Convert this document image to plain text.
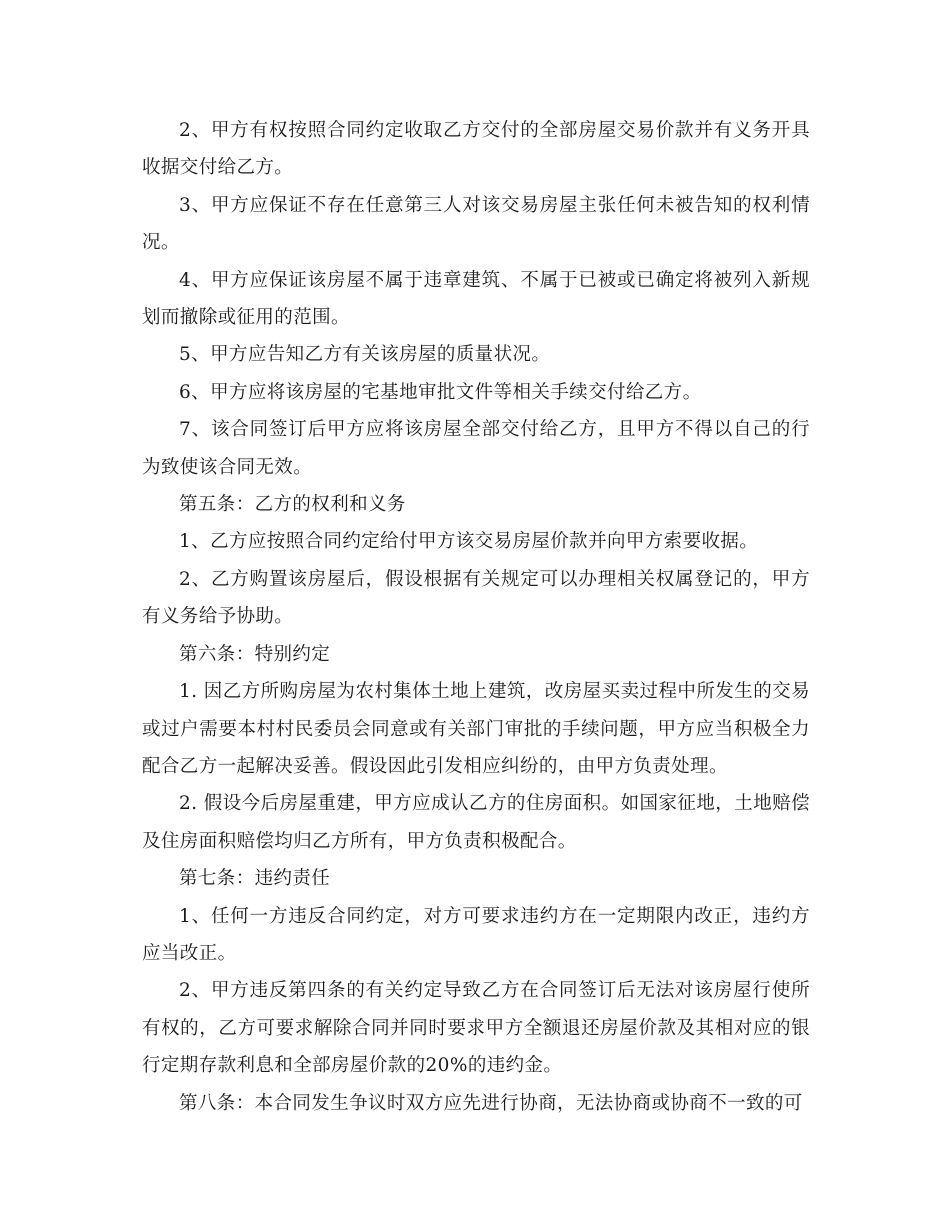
2、甲方有权按照合同约定收取乙方交付的全部房屋交易价款并有义务开具收据交付给乙方。

3、甲方应保证不存在任意第三人对该交易房屋主张任何未被告知的权利情况。

4、甲方应保证该房屋不属于违章建筑、不属于已被或已确定将被列入新规划而撤除或征用的范围。

5、甲方应告知乙方有关该房屋的质量状况。

6、甲方应将该房屋的宅基地审批文件等相关手续交付给乙方。

7、该合同签订后甲方应将该房屋全部交付给乙方，且甲方不得以自己的行为致使该合同无效。

第五条：乙方的权利和义务

1、乙方应按照合同约定给付甲方该交易房屋价款并向甲方索要收据。

2、乙方购置该房屋后，假设根据有关规定可以办理相关权属登记的，甲方有义务给予协助。

第六条：特别约定

1. 因乙方所购房屋为农村集体土地上建筑，改房屋买卖过程中所发生的交易或过户需要本村村民委员会同意或有关部门审批的手续问题，甲方应当积极全力配合乙方一起解决妥善。假设因此引发相应纠纷的，由甲方负责处理。

2. 假设今后房屋重建，甲方应成认乙方的住房面积。如国家征地，土地赔偿及住房面积赔偿均归乙方所有，甲方负责积极配合。

第七条：违约责任

1、任何一方违反合同约定，对方可要求违约方在一定期限内改正，违约方应当改正。

2、甲方违反第四条的有关约定导致乙方在合同签订后无法对该房屋行使所有权的，乙方可要求解除合同并同时要求甲方全额退还房屋价款及其相对应的银行定期存款利息和全部房屋价款的20%的违约金。

第八条：本合同发生争议时双方应先进行协商，无法协商或协商不一致的可
